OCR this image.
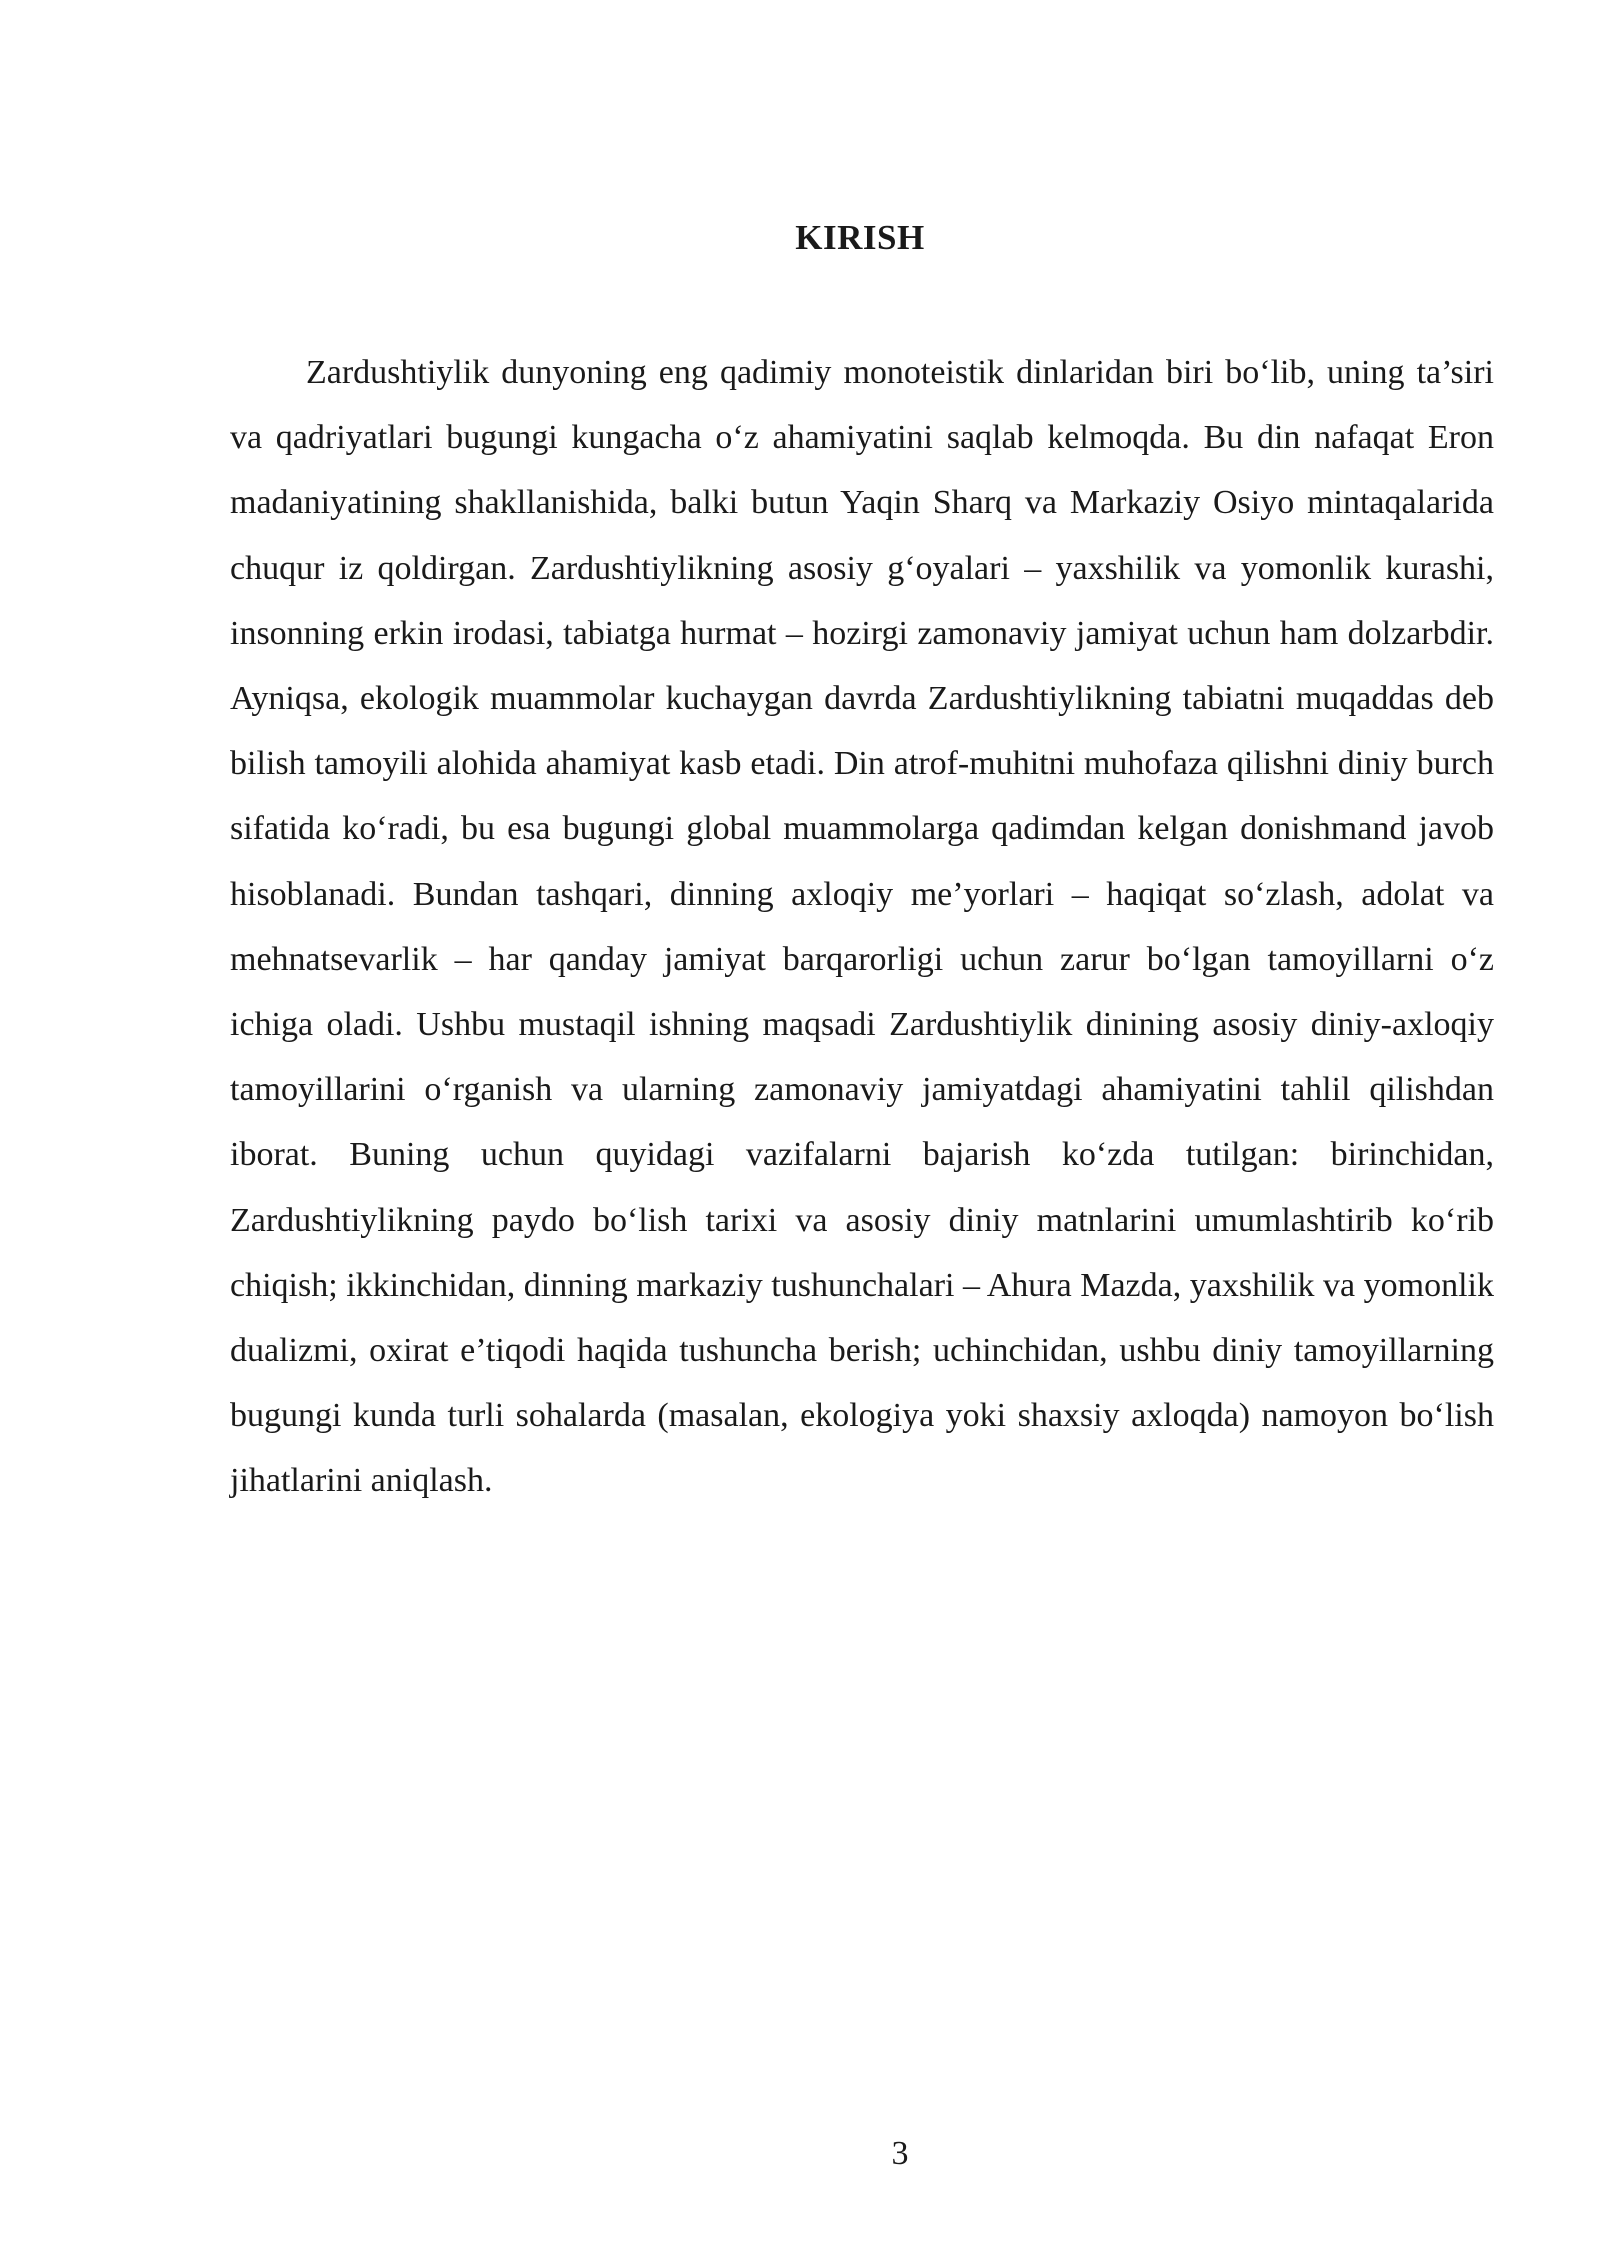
KIRISH

Zardushtiylik dunyoning eng qadimiy monoteistik dinlaridan biri bo‘lib, uning ta’siri va qadriyatlari bugungi kungacha o‘z ahamiyatini saqlab kelmoqda. Bu din nafaqat Eron madaniyatining shakllanishida, balki butun Yaqin Sharq va Markaziy Osiyo mintaqalarida chuqur iz qoldirgan. Zardushtiylikning asosiy g‘oyalari – yaxshilik va yomonlik kurashi, insonning erkin irodasi, tabiatga hurmat – hozirgi zamonaviy jamiyat uchun ham dolzarbdir. Ayniqsa, ekologik muammolar kuchaygan davrda Zardushtiylikning tabiatni muqaddas deb bilish tamoyili alohida ahamiyat kasb etadi. Din atrof-muhitni muhofaza qilishni diniy burch sifatida ko‘radi, bu esa bugungi global muammolarga qadimdan kelgan donishmand javob hisoblanadi. Bundan tashqari, dinning axloqiy me’yorlari – haqiqat so‘zlash, adolat va mehnatsevarlik – har qanday jamiyat barqarorligi uchun zarur bo‘lgan tamoyillarni o‘z ichiga oladi. Ushbu mustaqil ishning maqsadi Zardushtiylik dinining asosiy diniy-axloqiy tamoyillarini o‘rganish va ularning zamonaviy jamiyatdagi ahamiyatini tahlil qilishdan iborat. Buning uchun quyidagi vazifalarni bajarish ko‘zda tutilgan: birinchidan, Zardushtiylikning paydo bo‘lish tarixi va asosiy diniy matnlarini umumlashtirib ko‘rib chiqish; ikkinchidan, dinning markaziy tushunchalari – Ahura Mazda, yaxshilik va yomonlik dualizmi, oxirat e’tiqodi haqida tushuncha berish; uchinchidan, ushbu diniy tamoyillarning bugungi kunda turli sohalarda (masalan, ekologiya yoki shaxsiy axloqda) namoyon bo‘lish jihatlarini aniqlash.

3
